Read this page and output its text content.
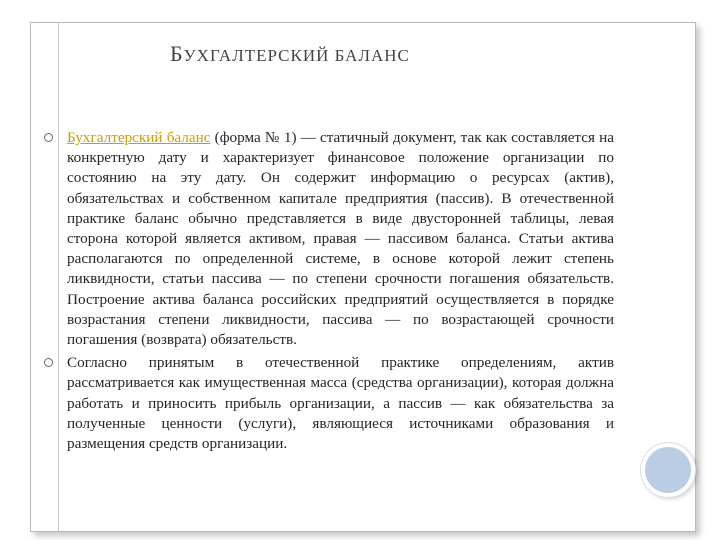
БУХГАЛТЕРСКИЙ БАЛАНС
Бухгалтерский баланс (форма № 1) — статичный документ, так как составляется на конкретную дату и характеризует финансовое положение организации по состоянию на эту дату. Он содержит информацию о ресурсах (актив), обязательствах и собственном капитале предприятия (пассив). В отечественной практике баланс обычно представляется в виде двусторонней таблицы, левая сторона которой является активом, правая — пассивом баланса. Статьи актива располагаются по определенной системе, в основе которой лежит степень ликвидности, статьи пассива — по степени срочности погашения обязательств. Построение актива баланса российских предприятий осуществляется в порядке возрастания степени ликвидности, пассива — по возрастающей срочности погашения (возврата) обязательств.
Согласно принятым в отечественной практике определениям, актив рассматривается как имущественная масса (средства организации), которая должна работать и приносить прибыль организации, а пассив — как обязательства за полученные ценности (услуги), являющиеся источниками образования и размещения средств организации.
